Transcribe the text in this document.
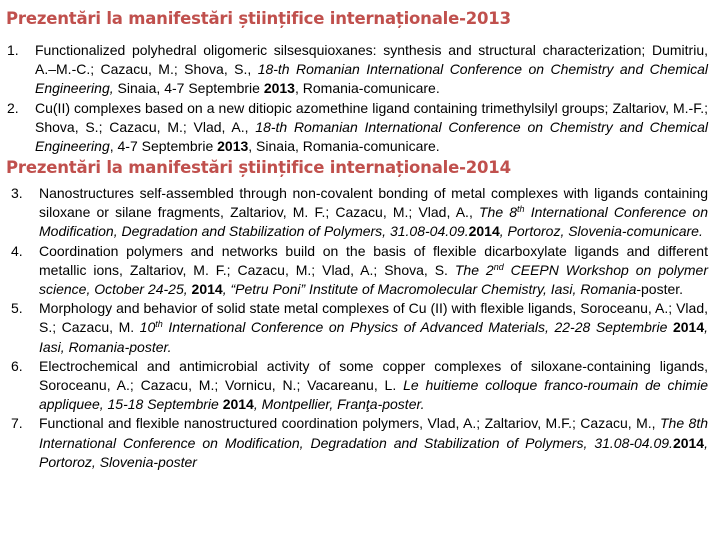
Prezentări la manifestări științifice internaționale-2013
1. Functionalized polyhedral oligomeric silsesquioxanes: synthesis and structural characterization; Dumitriu, A.–M.-C.; Cazacu, M.; Shova, S., 18-th Romanian International Conference on Chemistry and Chemical Engineering, Sinaia, 4-7 Septembrie 2013, Romania-comunicare.
2. Cu(II) complexes based on a new ditiopic azomethine ligand containing trimethylsilyl groups; Zaltariov, M.-F.; Shova, S.; Cazacu, M.; Vlad, A., 18-th Romanian International Conference on Chemistry and Chemical Engineering, 4-7 Septembrie 2013, Sinaia, Romania-comunicare.
Prezentări la manifestări științifice internaționale-2014
3. Nanostructures self-assembled through non-covalent bonding of metal complexes with ligands containing siloxane or silane fragments, Zaltariov, M. F.; Cazacu, M.; Vlad, A., The 8th International Conference on Modification, Degradation and Stabilization of Polymers, 31.08-04.09.2014, Portoroz, Slovenia-comunicare.
4. Coordination polymers and networks build on the basis of flexible dicarboxylate ligands and different metallic ions, Zaltariov, M. F.; Cazacu, M.; Vlad, A.; Shova, S. The 2nd CEEPN Workshop on polymer science, October 24-25, 2014, “Petru Poni” Institute of Macromolecular Chemistry, Iasi, Romania-poster.
5. Morphology and behavior of solid state metal complexes of Cu (II) with flexible ligands, Soroceanu, A.; Vlad, S.; Cazacu, M. 10th International Conference on Physics of Advanced Materials, 22-28 Septembrie 2014, Iasi, Romania-poster.
6. Electrochemical and antimicrobial activity of some copper complexes of siloxane-containing ligands, Soroceanu, A.; Cazacu, M.; Vornicu, N.; Vacareanu, L. Le huitieme colloque franco-roumain de chimie appliquee, 15-18 Septembrie 2014, Montpellier, Franţa-poster.
7. Functional and flexible nanostructured coordination polymers, Vlad, A.; Zaltariov, M.F.; Cazacu, M., The 8th International Conference on Modification, Degradation and Stabilization of Polymers, 31.08-04.09.2014, Portoroz, Slovenia-poster
